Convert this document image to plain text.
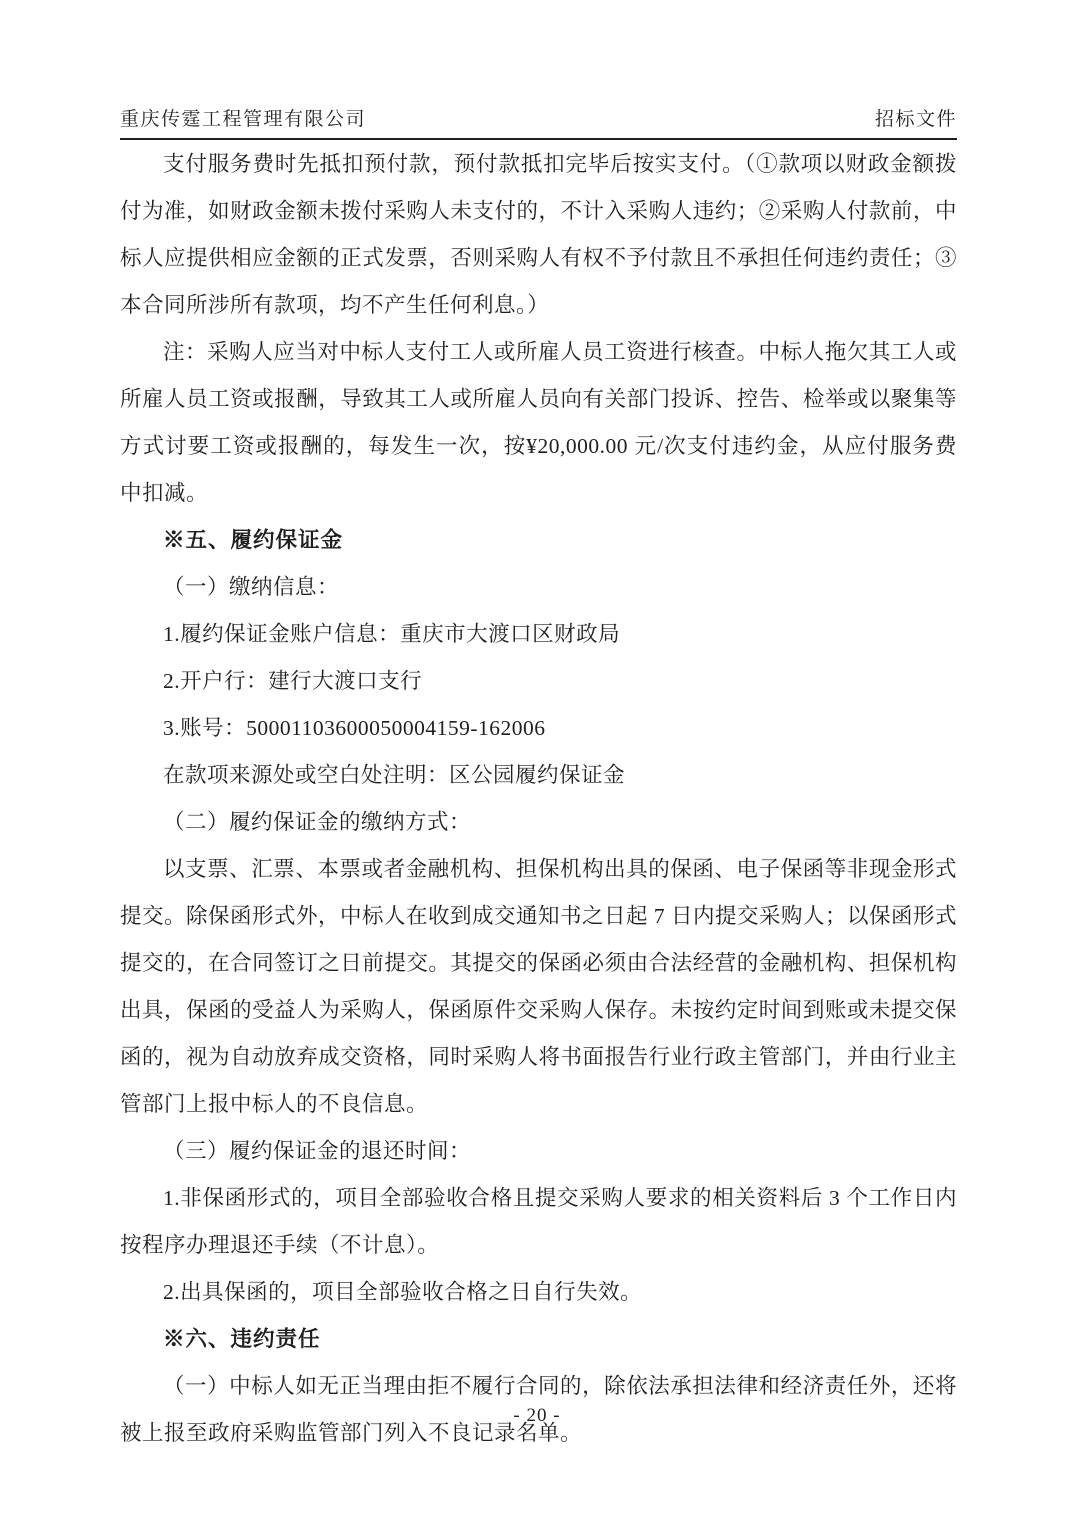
重庆传霆工程管理有限公司	招标文件

支付服务费时先抵扣预付款，预付款抵扣完毕后按实支付。（①款项以财政金额拨付为准，如财政金额未拨付采购人未支付的，不计入采购人违约；②采购人付款前，中标人应提供相应金额的正式发票，否则采购人有权不予付款且不承担任何违约责任；③本合同所涉所有款项，均不产生任何利息。）

注：采购人应当对中标人支付工人或所雇人员工资进行核查。中标人拖欠其工人或所雇人员工资或报酬，导致其工人或所雇人员向有关部门投诉、控告、检举或以聚集等方式讨要工资或报酬的，每发生一次，按¥20,000.00 元/次支付违约金，从应付服务费中扣减。

※五、履约保证金

（一）缴纳信息：

1.履约保证金账户信息：重庆市大渡口区财政局

2.开户行：建行大渡口支行

3.账号：50001103600050004159-162006

在款项来源处或空白处注明：区公园履约保证金

（二）履约保证金的缴纳方式：

以支票、汇票、本票或者金融机构、担保机构出具的保函、电子保函等非现金形式提交。除保函形式外，中标人在收到成交通知书之日起 7 日内提交采购人；以保函形式提交的，在合同签订之日前提交。其提交的保函必须由合法经营的金融机构、担保机构出具，保函的受益人为采购人，保函原件交采购人保存。未按约定时间到账或未提交保函的，视为自动放弃成交资格，同时采购人将书面报告行业行政主管部门，并由行业主管部门上报中标人的不良信息。

（三）履约保证金的退还时间：

1.非保函形式的，项目全部验收合格且提交采购人要求的相关资料后 3 个工作日内按程序办理退还手续（不计息）。

2.出具保函的，项目全部验收合格之日自行失效。

※六、违约责任

（一）中标人如无正当理由拒不履行合同的，除依法承担法律和经济责任外，还将被上报至政府采购监管部门列入不良记录名单。

- 20 -
